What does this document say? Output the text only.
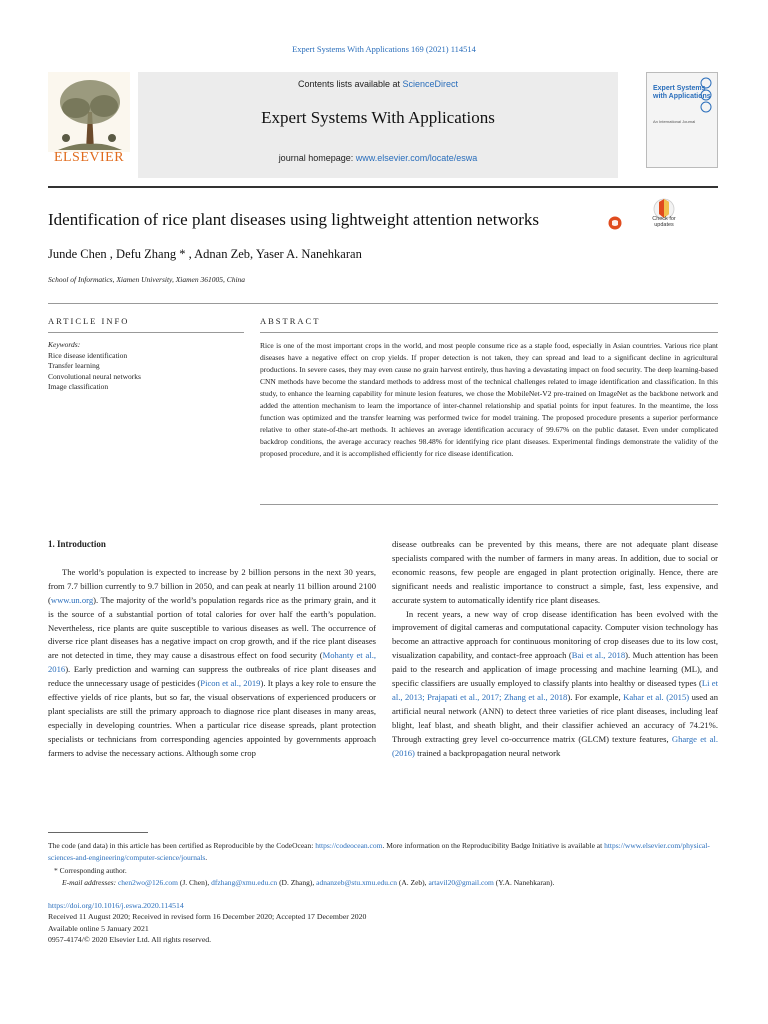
Expert Systems With Applications 169 (2021) 114514
ELSEVIER
Contents lists available at ScienceDirect
Expert Systems With Applications
journal homepage: www.elsevier.com/locate/eswa
Expert Systems with Applications
An International Journal
Identification of rice plant diseases using lightweight attention networks	Check for updates
Junde Chen , Defu Zhang * , Adnan Zeb, Yaser A. Nanehkaran
School of Informatics, Xiamen University, Xiamen 361005, China
ARTICLE INFO	ABSTRACT
Keywords:
Rice disease identification
Transfer learning
Convolutional neural networks
Image classification

Rice is one of the most important crops in the world, and most people consume rice as a staple food, especially in Asian countries. Various rice plant diseases have a negative effect on crop yields. If proper detection is not taken, they can spread and lead to a significant decline in agricultural productions. In severe cases, they may even cause no grain harvest entirely, thus having a devastating impact on food security. The deep learning-based CNN methods have become the standard methods to address most of the technical challenges related to image identification and classification. In this study, to enhance the learning capability for minute lesion features, we chose the MobileNet-V2 pre-trained on ImageNet as the backbone network and added the attention mechanism to learn the importance of inter-channel relationship and spatial points for input features. In the meantime, the loss function was optimized and the transfer learning was performed twice for model training. The proposed procedure presents a superior performance relative to other state-of-the-art methods. It achieves an average identification accuracy of 99.67% on the public dataset. Even under complicated backdrop conditions, the average accuracy reaches 98.48% for identifying rice plant diseases. Experimental findings demonstrate the validity of the proposed procedure, and it is accomplished efficiently for rice disease identification.

1. Introduction

The world’s population is expected to increase by 2 billion persons in the next 30 years, from 7.7 billion currently to 9.7 billion in 2050, and can peak at nearly 11 billion around 2100 (www.un.org). The majority of the world’s population regards rice as the primary grain, and it is the source of a substantial portion of total calories for over half the earth’s population. Nevertheless, rice plants are quite susceptible to various diseases as well. The occurrence of diverse rice plant diseases has a negative impact on crop growth, and if the rice plant diseases are not detected in time, they may cause a disastrous effect on food security (Mohanty et al., 2016). Early prediction and warning can suppress the outbreaks of rice plant diseases and reduce the unnecessary usage of pesticides (Picon et al., 2019). It plays a key role to ensure the effective yields of rice plants, but so far, the visual observations of experienced producers or plant specialists are still the primary approach to diagnose rice plant diseases in many areas, especially in developing countries. When a particular rice disease spreads, plant protection specialists or technicians from corresponding agencies appointed by governments approach farmers to advise the necessary actions. Although some crop

disease outbreaks can be prevented by this means, there are not adequate plant disease specialists compared with the number of farmers in many areas. In addition, due to social or economic reasons, few people are engaged in plant protection originally. Hence, there are significant needs and realistic importance to construct a simple, fast, less expensive, and accurate system to automatically identify rice plant diseases.

In recent years, a new way of crop disease identification has been evolved with the improvement of digital cameras and computational capacity. Computer vision technology has become an attractive approach for continuous monitoring of crop diseases due to its low cost, visualization capability, and contact-free approach (Bai et al., 2018). Much attention has been paid to the research and application of image processing and machine learning (ML), and specific classifiers are usually employed to classify plants into healthy or diseased types (Li et al., 2013; Prajapati et al., 2017; Zhang et al., 2018). For example, Kahar et al. (2015) used an artificial neural network (ANN) to detect three varieties of rice plant diseases, including leaf blight, leaf blast, and sheath blight, and their classifier achieved an accuracy of 74.21%. Through extracting grey level co-occurrence matrix (GLCM) texture features, Gharge et al. (2016) trained a backpropagation neural network

The code (and data) in this article has been certified as Reproducible by the CodeOcean: https://codeocean.com. More information on the Reproducibility Badge Initiative is available at https://www.elsevier.com/physical-sciences-and-engineering/computer-science/journals.

* Corresponding author.

E-mail addresses: chen2wo@126.com (J. Chen), dfzhang@xmu.edu.cn (D. Zhang), adnanzeb@stu.xmu.edu.cn (A. Zeb), artavil20@gmail.com (Y.A. Nanehkaran).

https://doi.org/10.1016/j.eswa.2020.114514

Received 11 August 2020; Received in revised form 16 December 2020; Accepted 17 December 2020

Available online 5 January 2021

0957-4174/© 2020 Elsevier Ltd. All rights reserved.
